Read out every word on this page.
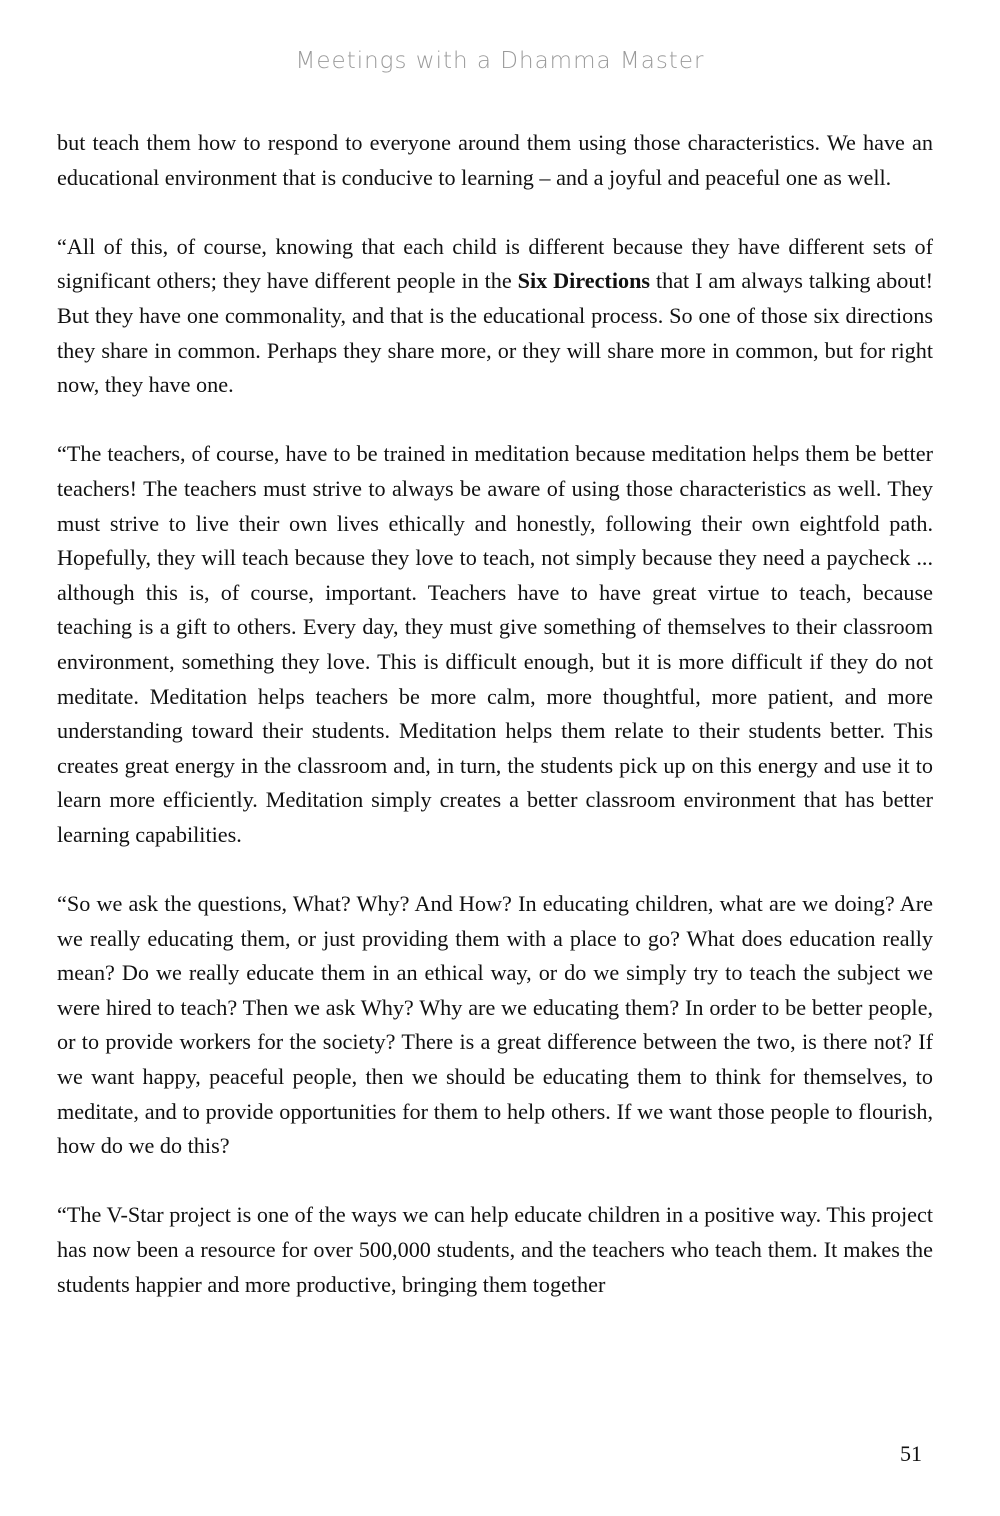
Meetings with a Dhamma Master

but teach them how to respond to everyone around them using those characteristics. We have an educational environment that is conducive to learning – and a joyful and peaceful one as well.

“All of this, of course, knowing that each child is different because they have different sets of significant others; they have different people in the Six Directions that I am always talking about! But they have one commonality, and that is the educational process. So one of those six directions they share in common. Perhaps they share more, or they will share more in common, but for right now, they have one.

“The teachers, of course, have to be trained in meditation because meditation helps them be better teachers! The teachers must strive to always be aware of using those characteristics as well. They must strive to live their own lives ethically and honestly, following their own eightfold path. Hopefully, they will teach because they love to teach, not simply because they need a paycheck ... although this is, of course, important. Teachers have to have great virtue to teach, because teaching is a gift to others. Every day, they must give something of themselves to their classroom environment, something they love. This is difficult enough, but it is more difficult if they do not meditate. Meditation helps teachers be more calm, more thoughtful, more patient, and more understanding toward their students. Meditation helps them relate to their students better. This creates great energy in the classroom and, in turn, the students pick up on this energy and use it to learn more efficiently. Meditation simply creates a better classroom environment that has better learning capabilities.

“So we ask the questions, What? Why? And How? In educating children, what are we doing? Are we really educating them, or just providing them with a place to go? What does education really mean? Do we really educate them in an ethical way, or do we simply try to teach the subject we were hired to teach? Then we ask Why? Why are we educating them? In order to be better people, or to provide workers for the society? There is a great difference between the two, is there not? If we want happy, peaceful people, then we should be educating them to think for themselves, to meditate, and to provide opportunities for them to help others. If we want those people to flourish, how do we do this?

“The V-Star project is one of the ways we can help educate children in a positive way. This project has now been a resource for over 500,000 students, and the teachers who teach them. It makes the students happier and more productive, bringing them together

51
